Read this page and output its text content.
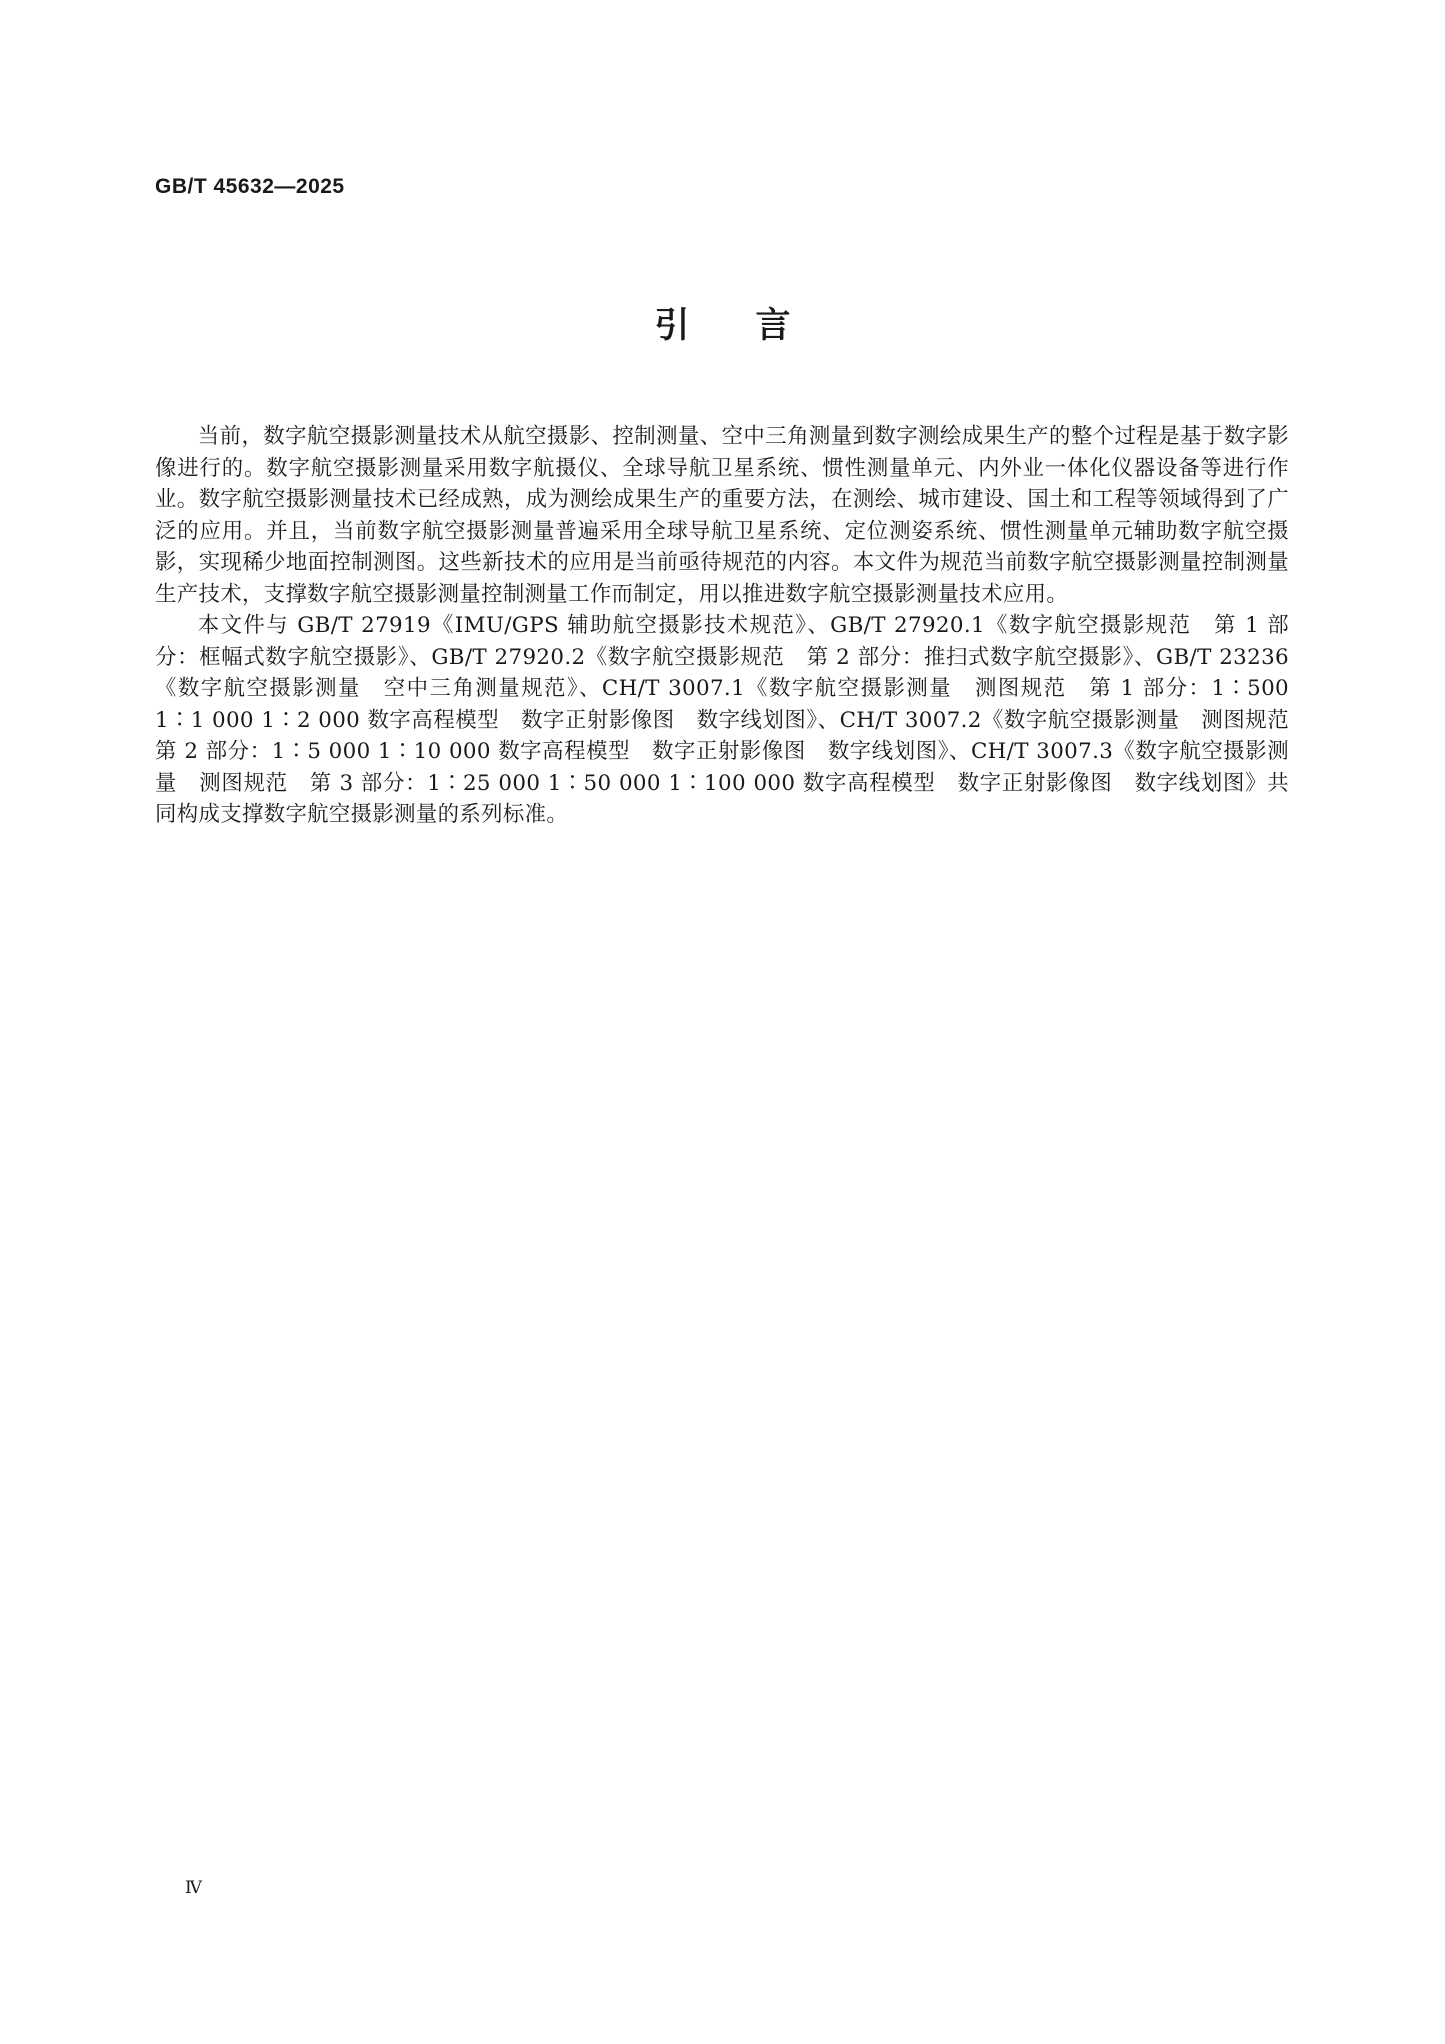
GB/T 45632—2025
引言

当前，数字航空摄影测量技术从航空摄影、控制测量、空中三角测量到数字测绘成果生产的整个过程是基于数字影像进行的。数字航空摄影测量采用数字航摄仪、全球导航卫星系统、惯性测量单元、内外业一体化仪器设备等进行作业。数字航空摄影测量技术已经成熟，成为测绘成果生产的重要方法，在测绘、城市建设、国土和工程等领域得到了广泛的应用。并且，当前数字航空摄影测量普遍采用全球导航卫星系统、定位测姿系统、惯性测量单元辅助数字航空摄影，实现稀少地面控制测图。这些新技术的应用是当前亟待规范的内容。本文件为规范当前数字航空摄影测量控制测量生产技术，支撑数字航空摄影测量控制测量工作而制定，用以推进数字航空摄影测量技术应用。

本文件与 GB/T 27919《IMU/GPS 辅助航空摄影技术规范》、GB/T 27920.1《数字航空摄影规范　第 1 部分：框幅式数字航空摄影》、GB/T 27920.2《数字航空摄影规范　第 2 部分：推扫式数字航空摄影》、GB/T 23236《数字航空摄影测量　空中三角测量规范》、CH/T 3007.1《数字航空摄影测量　测图规范　第 1 部分：1∶500 1∶1 000 1∶2 000 数字高程模型　数字正射影像图　数字线划图》、CH/T 3007.2《数字航空摄影测量　测图规范　第 2 部分：1∶5 000 1∶10 000 数字高程模型　数字正射影像图　数字线划图》、CH/T 3007.3《数字航空摄影测量　测图规范　第 3 部分：1∶25 000 1∶50 000 1∶100 000 数字高程模型　数字正射影像图　数字线划图》共同构成支撑数字航空摄影测量的系列标准。

Ⅳ
